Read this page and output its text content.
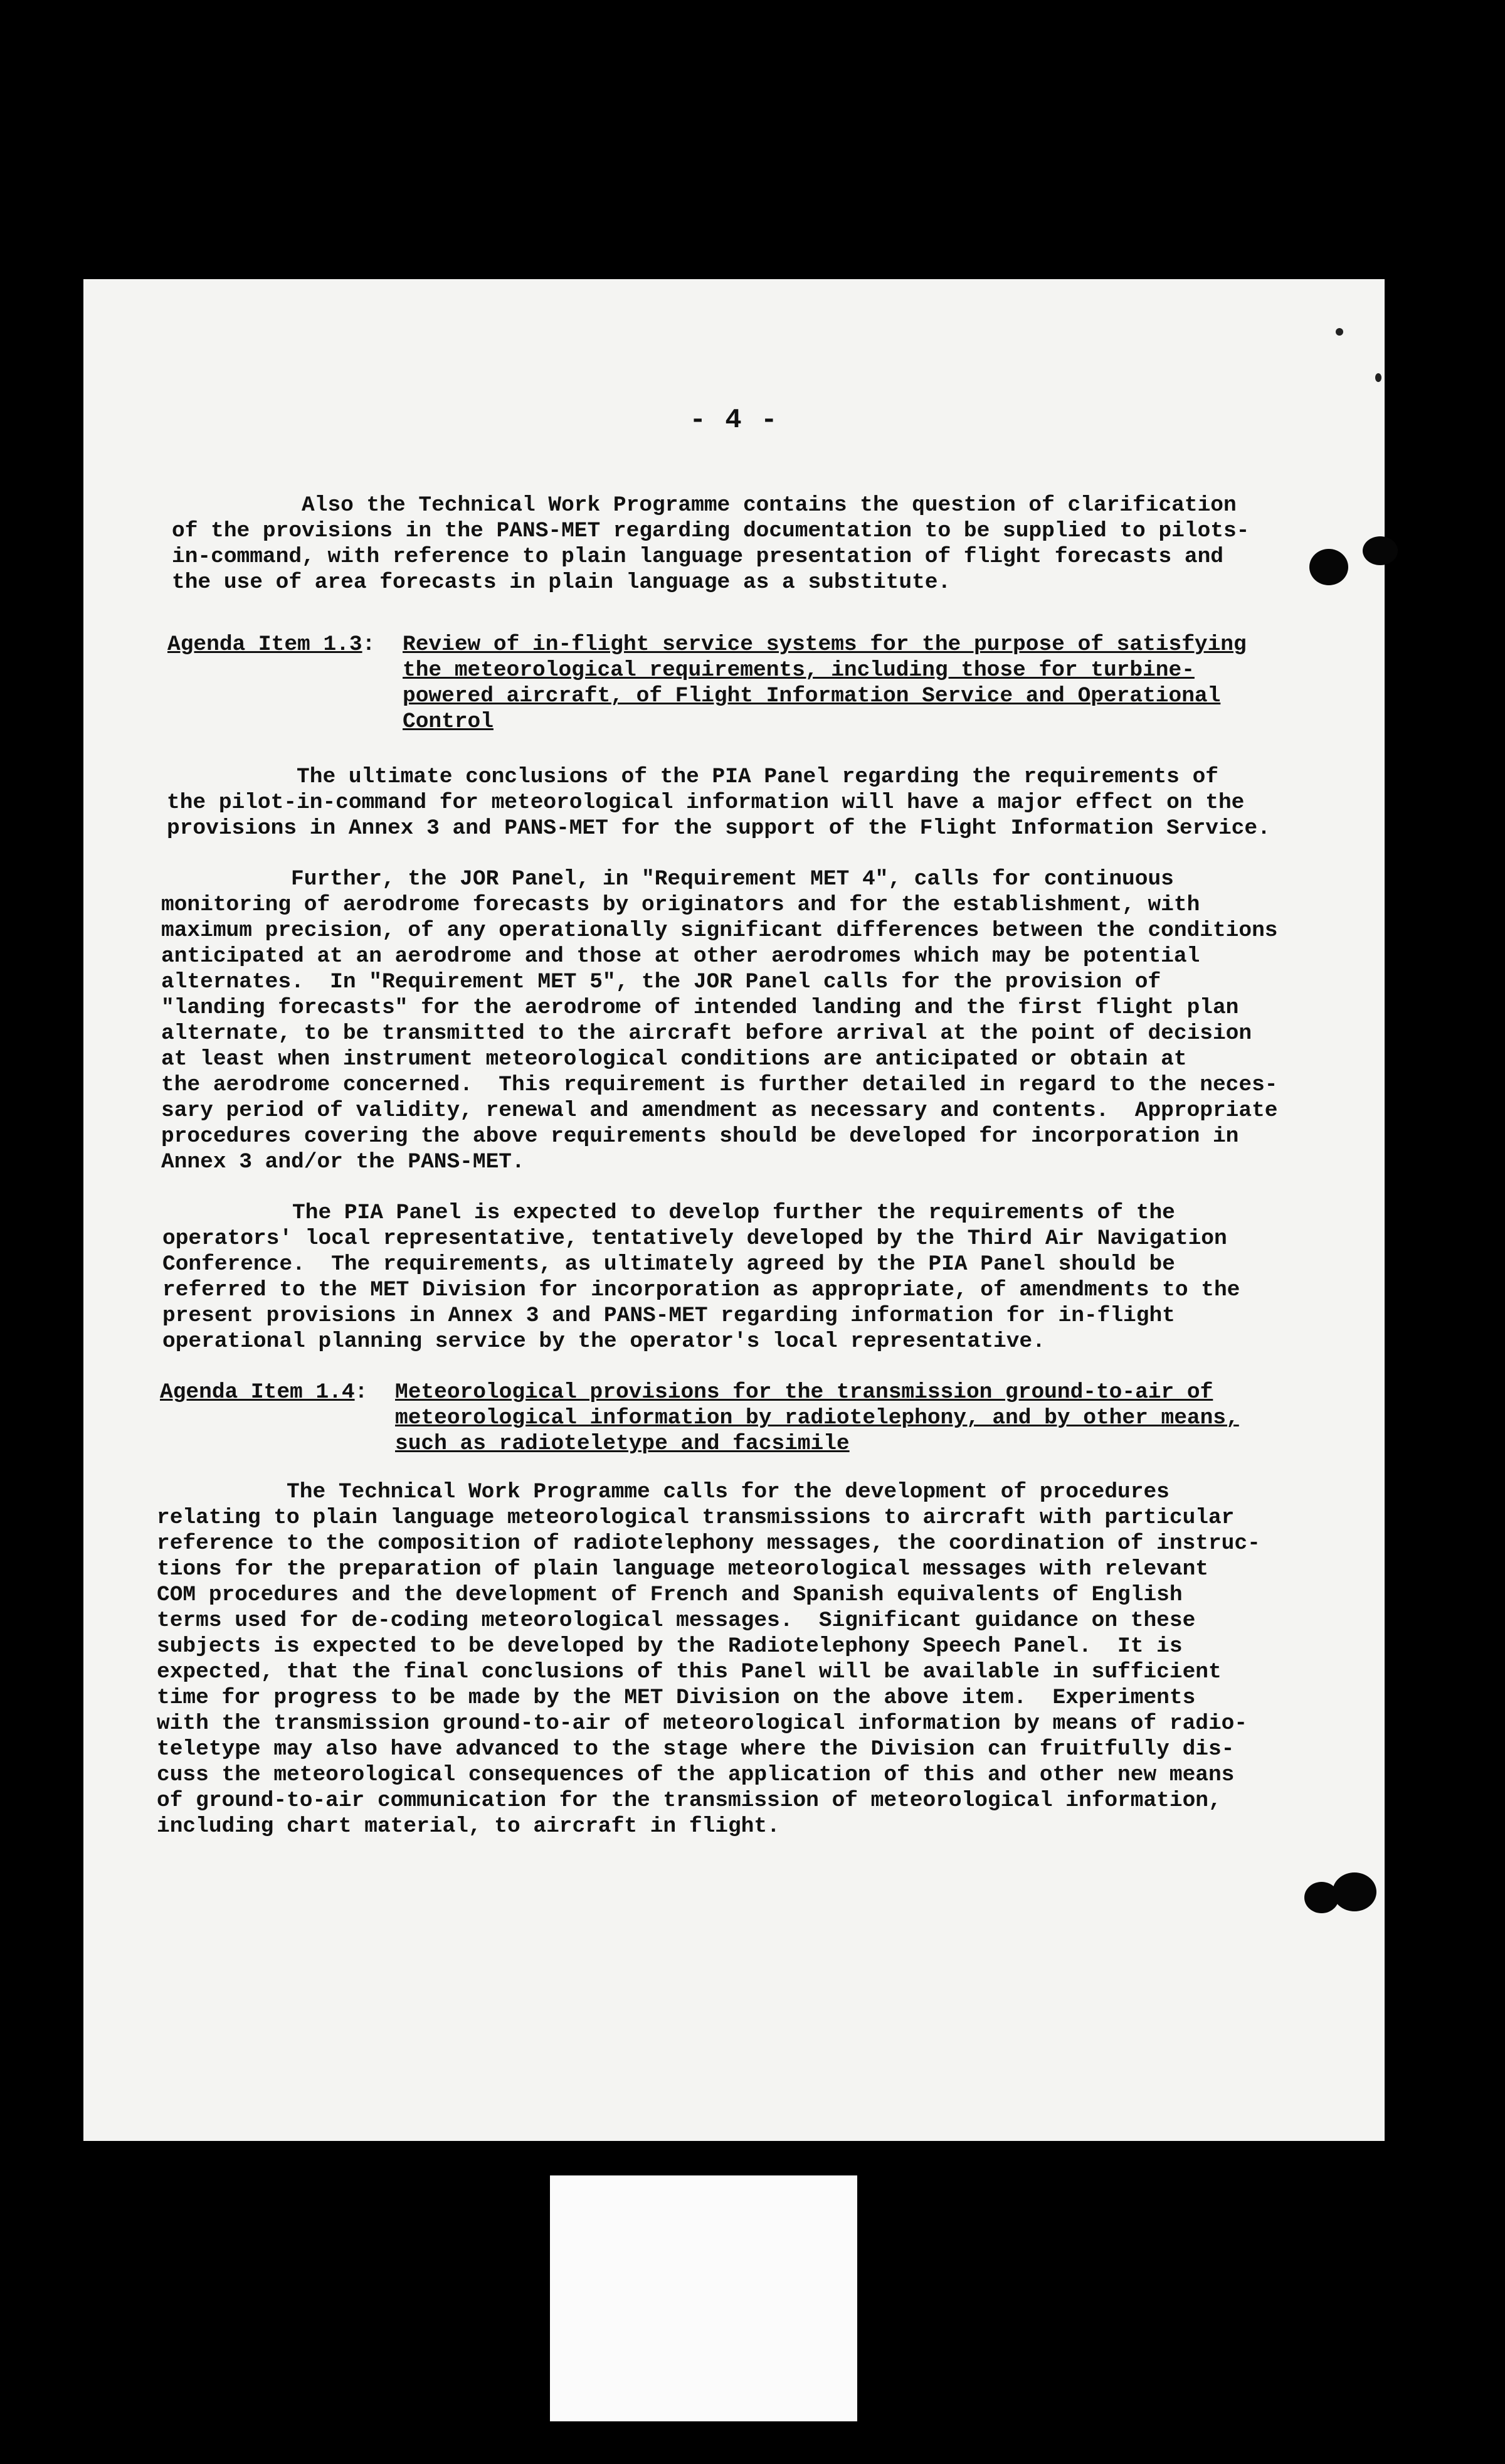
- 4 -

Also the Technical Work Programme contains the question of clarification
of the provisions in the PANS-MET regarding documentation to be supplied to pilots-
in-command, with reference to plain language presentation of flight forecasts and
the use of area forecasts in plain language as a substitute.

Agenda Item 1.3: Review of in-flight service systems for the purpose of satisfying
the meteorological requirements, including those for turbine-
powered aircraft, of Flight Information Service and Operational
Control

The ultimate conclusions of the PIA Panel regarding the requirements of
the pilot-in-command for meteorological information will have a major effect on the
provisions in Annex 3 and PANS-MET for the support of the Flight Information Service.

Further, the JOR Panel, in "Requirement MET 4", calls for continuous
monitoring of aerodrome forecasts by originators and for the establishment, with
maximum precision, of any operationally significant differences between the conditions
anticipated at an aerodrome and those at other aerodromes which may be potential
alternates.  In "Requirement MET 5", the JOR Panel calls for the provision of
"landing forecasts" for the aerodrome of intended landing and the first flight plan
alternate, to be transmitted to the aircraft before arrival at the point of decision
at least when instrument meteorological conditions are anticipated or obtain at
the aerodrome concerned.  This requirement is further detailed in regard to the neces-
sary period of validity, renewal and amendment as necessary and contents.  Appropriate
procedures covering the above requirements should be developed for incorporation in
Annex 3 and/or the PANS-MET.

The PIA Panel is expected to develop further the requirements of the
operators' local representative, tentatively developed by the Third Air Navigation
Conference.  The requirements, as ultimately agreed by the PIA Panel should be
referred to the MET Division for incorporation as appropriate, of amendments to the
present provisions in Annex 3 and PANS-MET regarding information for in-flight
operational planning service by the operator's local representative.

Agenda Item 1.4: Meteorological provisions for the transmission ground-to-air of
meteorological information by radiotelephony, and by other means,
such as radioteletype and facsimile

The Technical Work Programme calls for the development of procedures
relating to plain language meteorological transmissions to aircraft with particular
reference to the composition of radiotelephony messages, the coordination of instruc-
tions for the preparation of plain language meteorological messages with relevant
COM procedures and the development of French and Spanish equivalents of English
terms used for de-coding meteorological messages.  Significant guidance on these
subjects is expected to be developed by the Radiotelephony Speech Panel.  It is
expected, that the final conclusions of this Panel will be available in sufficient
time for progress to be made by the MET Division on the above item.  Experiments
with the transmission ground-to-air of meteorological information by means of radio-
teletype may also have advanced to the stage where the Division can fruitfully dis-
cuss the meteorological consequences of the application of this and other new means
of ground-to-air communication for the transmission of meteorological information,
including chart material, to aircraft in flight.
